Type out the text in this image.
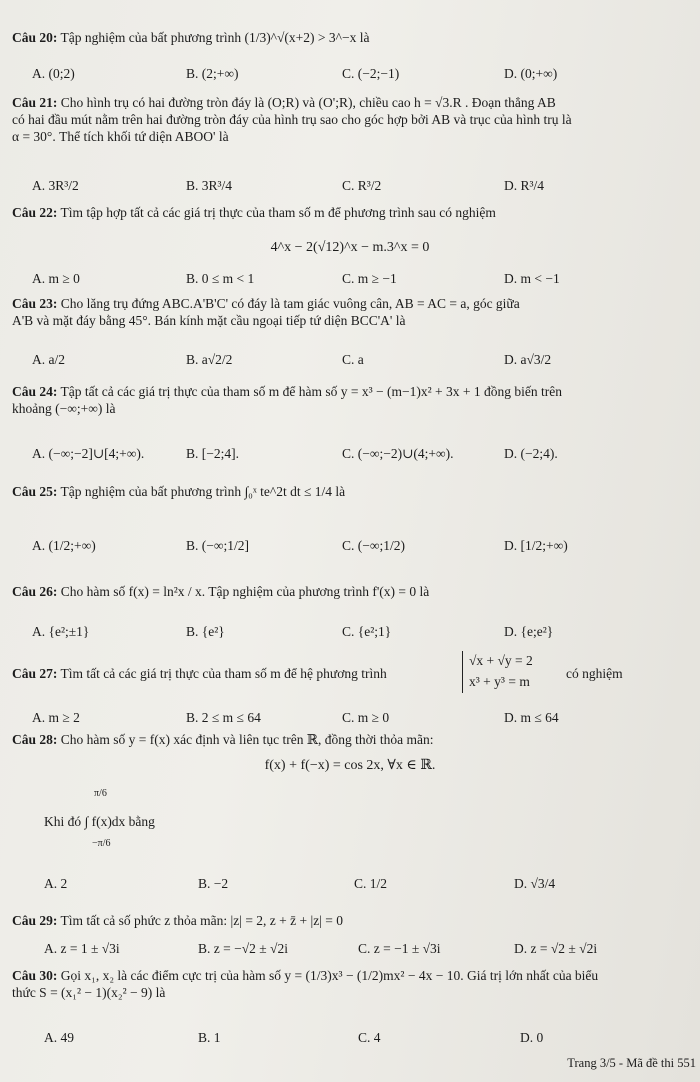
Câu 20: Tập nghiệm của bất phương trình (1/3)^√(x+2) > 3^−x là
A. (0;2)	B. (2;+∞)	C. (−2;−1)	D. (0;+∞)
Câu 21: Cho hình trụ có hai đường tròn đáy là (O;R) và (O';R), chiều cao h = √3.R . Đoạn thẳng AB
có hai đầu mút nằm trên hai đường tròn đáy của hình trụ sao cho góc hợp bởi AB và trục của hình trụ là
α = 30°. Thể tích khối tứ diện ABOO' là
A. 3R³/2	B. 3R³/4	C. R³/2	D. R³/4
Câu 22: Tìm tập hợp tất cả các giá trị thực của tham số m để phương trình sau có nghiệm
4^x − 2(√12)^x − m.3^x = 0
A. m ≥ 0	B. 0 ≤ m < 1	C. m ≥ −1	D. m < −1
Câu 23: Cho lăng trụ đứng ABC.A'B'C' có đáy là tam giác vuông cân, AB = AC = a, góc giữa
A'B và mặt đáy bằng 45°. Bán kính mặt cầu ngoại tiếp tứ diện BCC'A' là
A. a/2	B. a√2/2	C. a	D. a√3/2
Câu 24: Tập tất cả các giá trị thực của tham số m để hàm số y = x³ − (m−1)x² + 3x + 1 đồng biến trên
khoảng (−∞;+∞) là
A. (−∞;−2]∪[4;+∞).	B. [−2;4].	C. (−∞;−2)∪(4;+∞).	D. (−2;4).
Câu 25: Tập nghiệm của bất phương trình ∫₀ˣ te^2t dt ≤ 1/4 là
A. (1/2;+∞)	B. (−∞;1/2]	C. (−∞;1/2)	D. [1/2;+∞)
Câu 26: Cho hàm số f(x) = ln²x / x. Tập nghiệm của phương trình f'(x) = 0 là
A. {e²;±1}	B. {e²}	C. {e²;1}	D. {e;e²}
Câu 27: Tìm tất cả các giá trị thực của tham số m để hệ phương trình
√x + √y = 2
x³ + y³ = m
có nghiệm
A. m ≥ 2	B. 2 ≤ m ≤ 64	C. m ≥ 0	D. m ≤ 64
Câu 28: Cho hàm số y = f(x) xác định và liên tục trên ℝ, đồng thời thỏa mãn:
f(x) + f(−x) = cos 2x, ∀x ∈ ℝ.
π/6
Khi đó ∫ f(x)dx bằng
−π/6
A. 2	B. −2	C. 1/2	D. √3/4
Câu 29: Tìm tất cả số phức z thỏa mãn: |z| = 2, z + z̄ + |z| = 0
A. z = 1 ± √3i	B. z = −√2 ± √2i	C. z = −1 ± √3i	D. z = √2 ± √2i
Câu 30: Gọi x₁, x₂ là các điểm cực trị của hàm số y = (1/3)x³ − (1/2)mx² − 4x − 10. Giá trị lớn nhất của biểu
thức S = (x₁² − 1)(x₂² − 9) là
A. 49	B. 1	C. 4	D. 0
Trang 3/5 - Mã đề thi 551
